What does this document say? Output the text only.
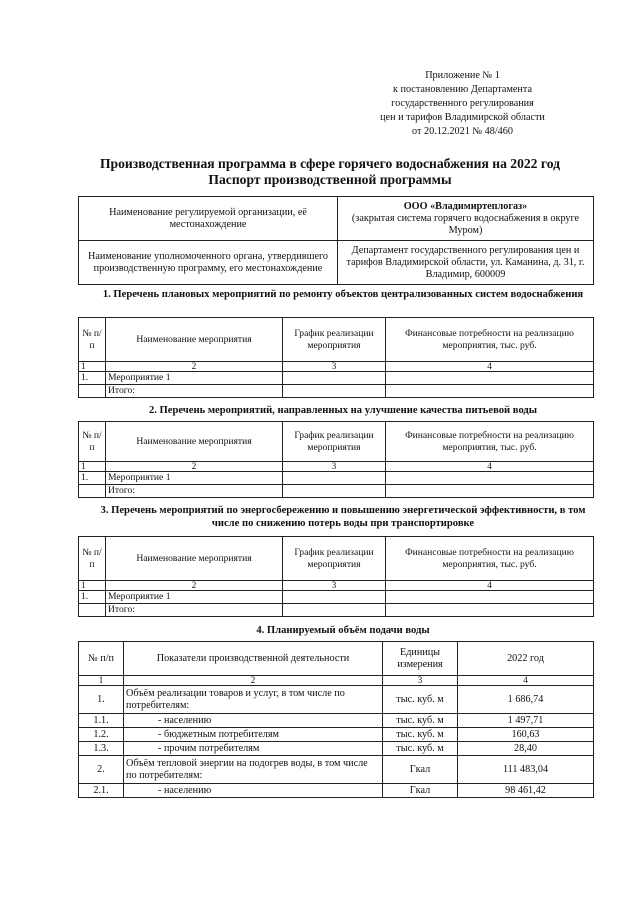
Приложение № 1
к постановлению Департамента
государственного регулирования
цен и тарифов Владимирской области
от 20.12.2021 № 48/460
Производственная программа в сфере горячего водоснабжения на 2022 год
Паспорт производственной программы
Наименование регулируемой организации, её местонахождение	ООО «Владимиртеплогаз»
(закрытая система горячего водоснабжения в округе Муром)
Наименование уполномоченного органа, утвердившего производственную программу, его местонахождение	Департамент государственного регулирования цен и тарифов Владимирской области, ул. Каманина, д. 31, г. Владимир, 600009
1. Перечень плановых мероприятий по ремонту объектов централизованных систем водоснабжения
№ п/п	Наименование мероприятия	График реализации мероприятия	Финансовые потребности на реализацию мероприятия, тыс. руб.
1	2	3	4
1.	Мероприятие 1		
	Итого:		
2. Перечень мероприятий, направленных на улучшение качества питьевой воды
№ п/п	Наименование мероприятия	График реализации мероприятия	Финансовые потребности на реализацию мероприятия, тыс. руб.
1	2	3	4
1.	Мероприятие 1		
	Итого:		
3. Перечень мероприятий по энергосбережению и повышению энергетической эффективности, в том числе по снижению потерь воды при транспортировке
№ п/п	Наименование мероприятия	График реализации мероприятия	Финансовые потребности на реализацию мероприятия, тыс. руб.
1	2	3	4
1.	Мероприятие 1		
	Итого:		
4. Планируемый объём подачи воды
№ п/п	Показатели производственной деятельности	Единицы измерения	2022 год
1	2	3	4
1.	Объём реализации товаров и услуг, в том числе по потребителям:	тыс. куб. м	1 686,74
1.1.	- населению	тыс. куб. м	1 497,71
1.2.	- бюджетным потребителям	тыс. куб. м	160,63
1.3.	- прочим потребителям	тыс. куб. м	28,40
2.	Объём тепловой энергии на подогрев воды, в том числе по потребителям:	Гкал	111 483,04
2.1.	- населению	Гкал	98 461,42
